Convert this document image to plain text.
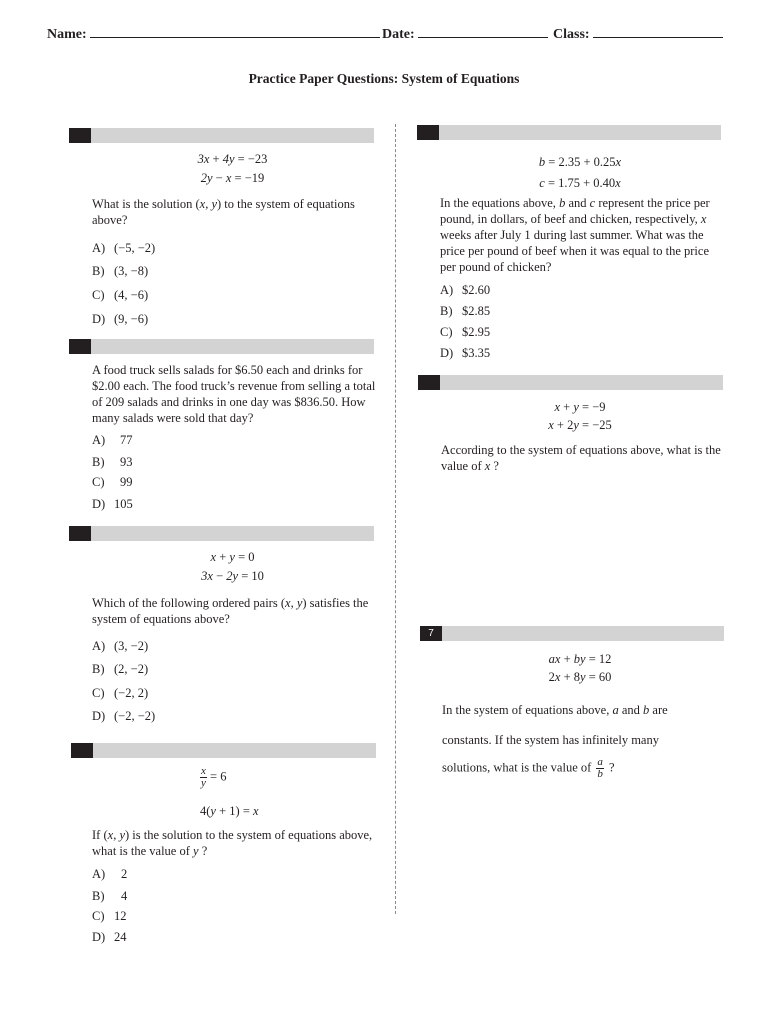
Name:	Date:	Class:
Practice Paper Questions: System of Equations
3x + 4y = −23
2y − x = −19
What is the solution (x, y) to the system of equations above?
A) (−5, −2)
B) (3, −8)
C) (4, −6)
D) (9, −6)
A food truck sells salads for $6.50 each and drinks for $2.00 each. The food truck’s revenue from selling a total of 209 salads and drinks in one day was $836.50. How many salads were sold that day?
A) 77
B) 93
C) 99
D) 105
x + y = 0
3x − 2y = 10
Which of the following ordered pairs (x, y) satisfies the system of equations above?
A) (3, −2)
B) (2, −2)
C) (−2, 2)
D) (−2, −2)
$\frac{x}{y} = 6$
4(y + 1) = x
If (x, y) is the solution to the system of equations above, what is the value of y ?
A) 2
B) 4
C) 12
D) 24
b = 2.35 + 0.25x
c = 1.75 + 0.40x
In the equations above, b and c represent the price per pound, in dollars, of beef and chicken, respectively, x weeks after July 1 during last summer. What was the price per pound of beef when it was equal to the price per pound of chicken?
A) $2.60
B) $2.85
C) $2.95
D) $3.35
x + y = −9
x + 2y = −25
According to the system of equations above, what is the value of x ?
7
ax + by = 12
2x + 8y = 60
In the system of equations above, a and b are
constants. If the system has infinitely many
solutions, what is the value of $\frac{a}{b}$ ?
